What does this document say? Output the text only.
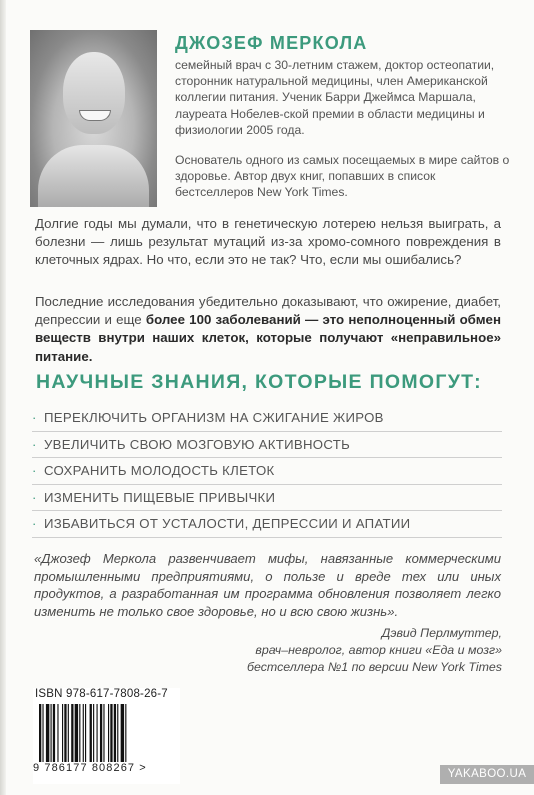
ДЖОЗЕФ МЕРКОЛА

семейный врач с 30-летним стажем, доктор остеопатии, сторонник натуральной медицины, член Американской коллегии питания. Ученик Барри Джеймса Маршала, лауреата Нобелев-ской премии в области медицины и физиологии 2005 года.

Основатель одного из самых посещаемых в мире сайтов о здоровье. Автор двух книг, попавших в список бестселлеров New York Times.

Долгие годы мы думали, что в генетическую лотерею нельзя выиграть, а болезни — лишь результат мутаций из-за хромо-сомного повреждения в клеточных ядрах. Но что, если это не так? Что, если мы ошибались?

Последние исследования убедительно доказывают, что ожирение, диабет, депрессии и еще более 100 заболеваний — это неполноценный обмен веществ внутри наших клеток, которые получают «неправильное» питание.

НАУЧНЫЕ ЗНАНИЯ, КОТОРЫЕ ПОМОГУТ:
· ПЕРЕКЛЮЧИТЬ ОРГАНИЗМ НА СЖИГАНИЕ ЖИРОВ
· УВЕЛИЧИТЬ СВОЮ МОЗГОВУЮ АКТИВНОСТЬ
· СОХРАНИТЬ МОЛОДОСТЬ КЛЕТОК
· ИЗМЕНИТЬ ПИЩЕВЫЕ ПРИВЫЧКИ
· ИЗБАВИТЬСЯ ОТ УСТАЛОСТИ, ДЕПРЕССИИ И АПАТИИ

«Джозеф Меркола развенчивает мифы, навязанные коммерческими промышленными предприятиями, о пользе и вреде тех или иных продуктов, а разработанная им программа обновления позволяет легко изменить не только свое здоровье, но и всю свою жизнь».

Дэвид Перлмуттер,

врач–невролог, автор книги «Еда и мозг»

бестселлера №1 по версии New York Times

ISBN 978-617-7808-26-7
9 786177 808267 >	YAKABOO.UA
